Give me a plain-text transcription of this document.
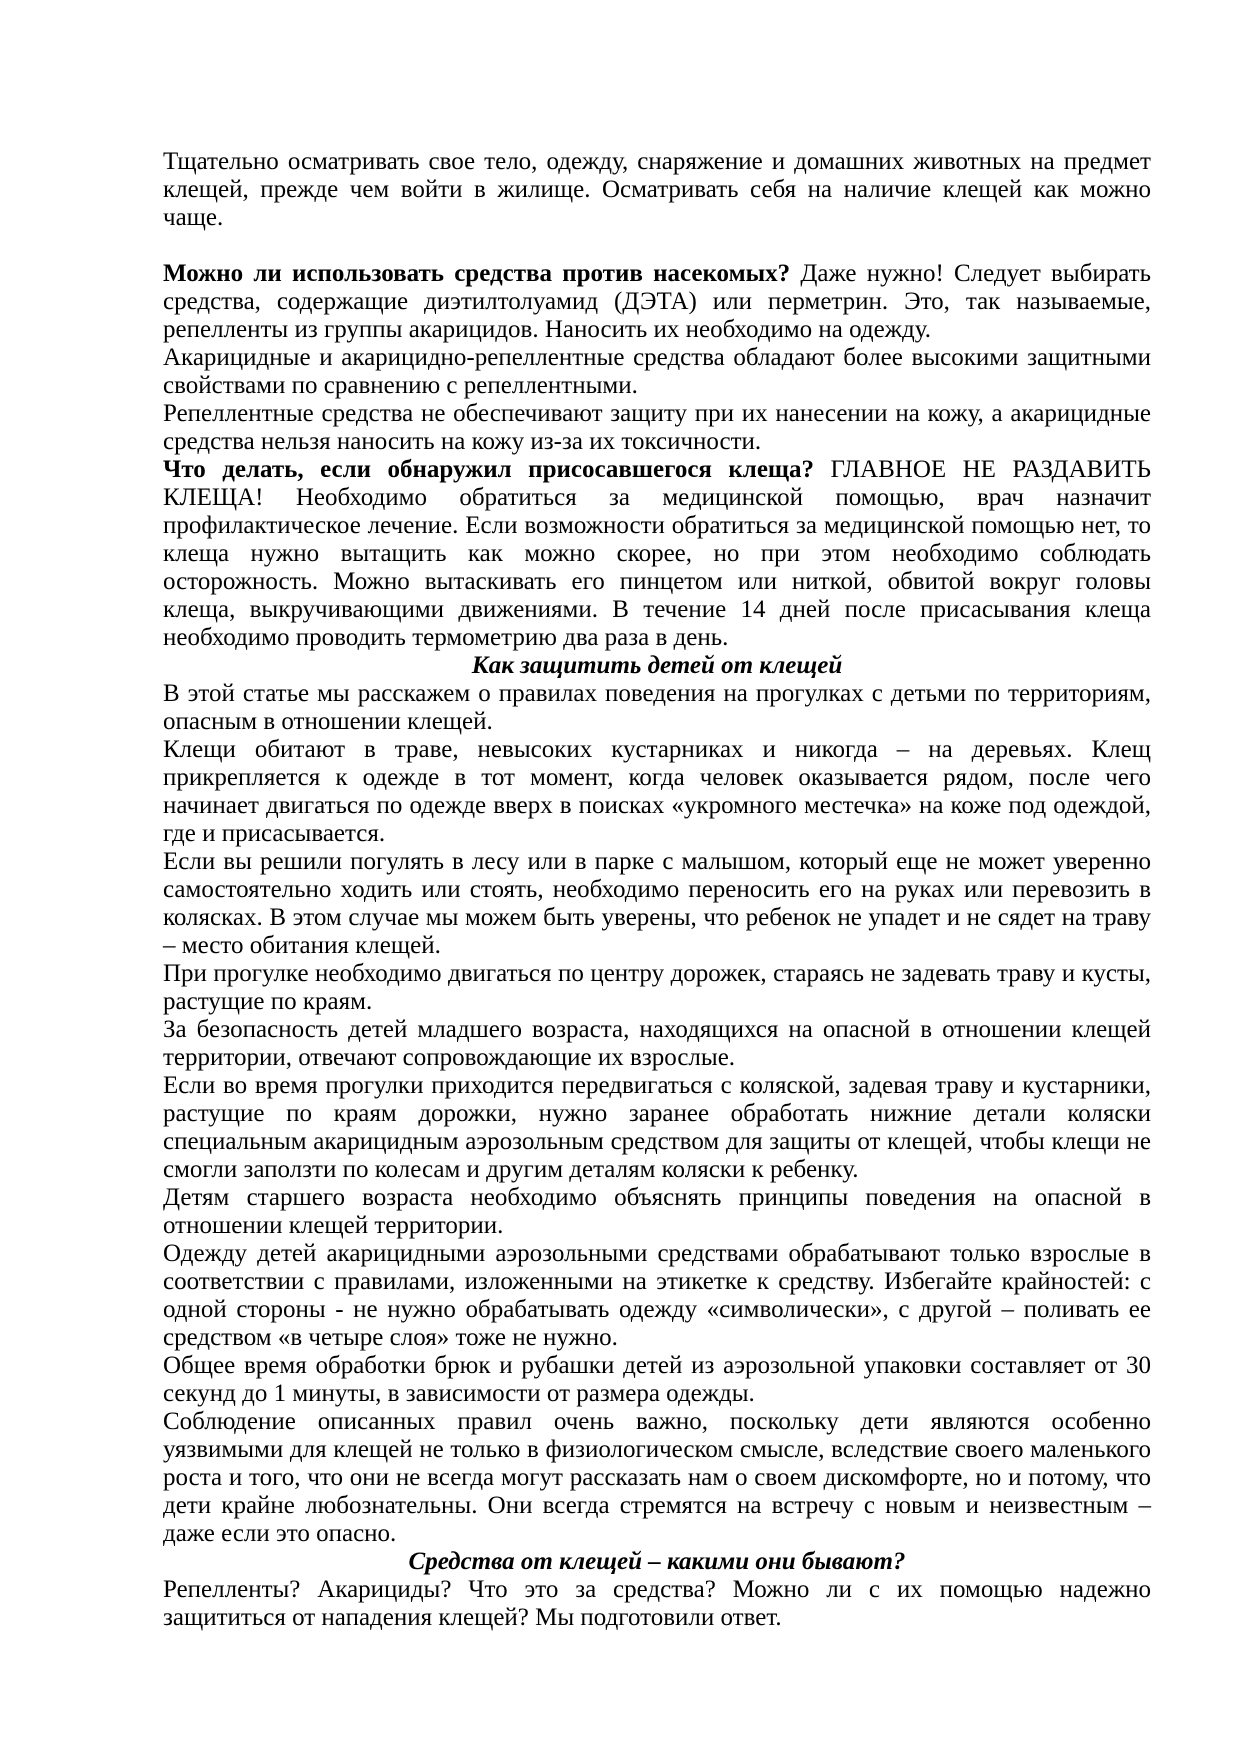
Тщательно осматривать свое тело, одежду, снаряжение и домашних животных на предмет клещей, прежде чем войти в жилище. Осматривать себя на наличие клещей как можно чаще.

Можно ли использовать средства против насекомых? Даже нужно! Следует выбирать средства, содержащие диэтилтолуамид (ДЭТА) или перметрин. Это, так называемые, репелленты из группы акарицидов. Наносить их необходимо на одежду.

Акарицидные и акарицидно-репеллентные средства обладают более высокими защитными свойствами по сравнению с репеллентными.

Репеллентные средства не обеспечивают защиту при их нанесении на кожу, а акарицидные средства нельзя наносить на кожу из-за их токсичности.

Что делать, если обнаружил присосавшегося клеща? ГЛАВНОЕ НЕ РАЗДАВИТЬ КЛЕЩА! Необходимо обратиться за медицинской помощью, врач назначит профилактическое лечение. Если возможности обратиться за медицинской помощью нет, то клеща нужно вытащить как можно скорее, но при этом необходимо соблюдать осторожность. Можно вытаскивать его пинцетом или ниткой, обвитой вокруг головы клеща, выкручивающими движениями. В течение 14 дней после присасывания клеща необходимо проводить термометрию два раза в день.

Как защитить детей от клещей

В этой статье мы расскажем о правилах поведения на прогулках с детьми по территориям, опасным в отношении клещей.

Клещи обитают в траве, невысоких кустарниках и никогда – на деревьях. Клещ прикрепляется к одежде в тот момент, когда человек оказывается рядом, после чего начинает двигаться по одежде вверх в поисках «укромного местечка» на коже под одеждой, где и присасывается.

Если вы решили погулять в лесу или в парке с малышом, который еще не может уверенно самостоятельно ходить или стоять, необходимо переносить его на руках или перевозить в колясках. В этом случае мы можем быть уверены, что ребенок не упадет и не сядет на траву – место обитания клещей.

При прогулке необходимо двигаться по центру дорожек, стараясь не задевать траву и кусты, растущие по краям.

За безопасность детей младшего возраста, находящихся на опасной в отношении клещей территории, отвечают сопровождающие их взрослые.

Если во время прогулки приходится передвигаться с коляской, задевая траву и кустарники, растущие по краям дорожки, нужно заранее обработать нижние детали коляски специальным акарицидным аэрозольным средством для защиты от клещей, чтобы клещи не смогли заползти по колесам и другим деталям коляски к ребенку.

Детям старшего возраста необходимо объяснять принципы поведения на опасной в отношении клещей территории.

Одежду детей акарицидными аэрозольными средствами обрабатывают только взрослые в соответствии с правилами, изложенными на этикетке к средству. Избегайте крайностей: с одной стороны - не нужно обрабатывать одежду «символически», с другой – поливать ее средством «в четыре слоя» тоже не нужно.

Общее время обработки брюк и рубашки детей из аэрозольной упаковки составляет от 30 секунд до 1 минуты, в зависимости от размера одежды.

Соблюдение описанных правил очень важно, поскольку дети являются особенно уязвимыми для клещей не только в физиологическом смысле, вследствие своего маленького роста и того, что они не всегда могут рассказать нам о своем дискомфорте, но и потому, что дети крайне любознательны. Они всегда стремятся на встречу с новым и неизвестным – даже если это опасно.

Средства от клещей – какими они бывают?

Репелленты? Акарициды? Что это за средства? Можно ли с их помощью надежно защититься от нападения клещей? Мы подготовили ответ.
